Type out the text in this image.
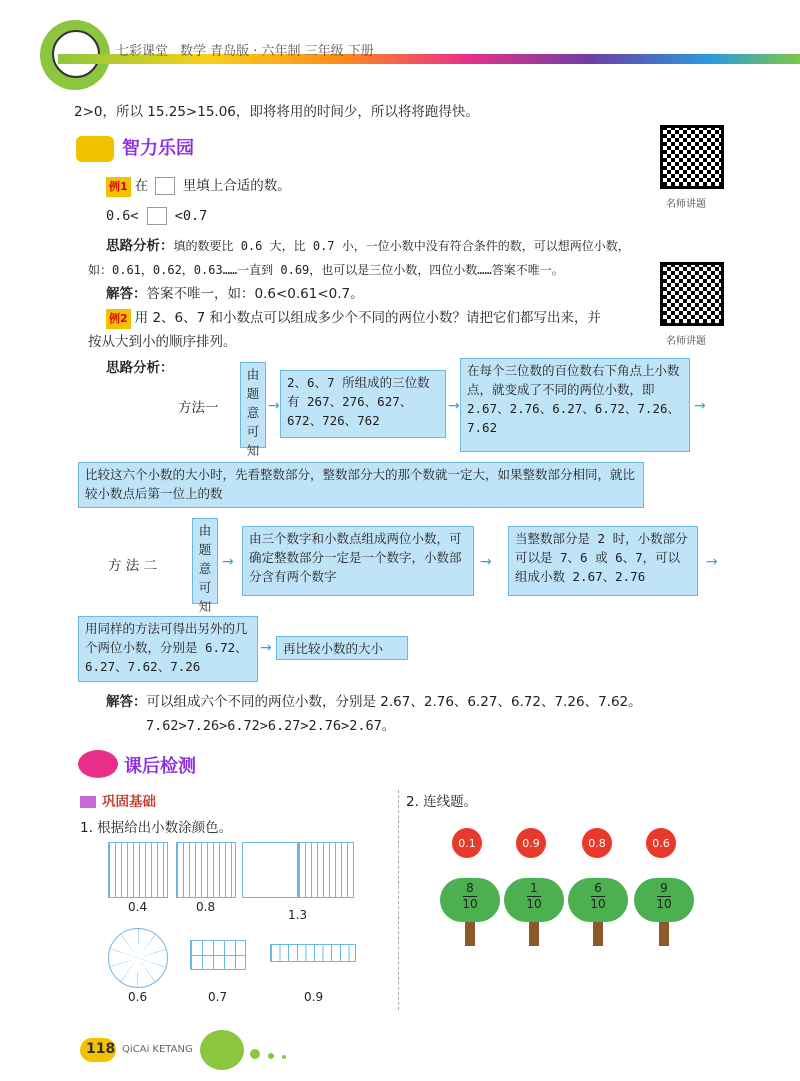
七彩课堂 数学 青岛版 · 六年制 三年级 下册
2>0，所以 15.25>15.06，即将将用的时间少，所以将将跑得快。
智力乐园
名师讲题
名师讲题
例1 在	里填上合适的数。
0.6<	<0.7
思路分析：填的数要比 0.6 大，比 0.7 小，一位小数中没有符合条件的数，可以想两位小数，
如：0.61，0.62，0.63……一直到 0.69，也可以是三位小数，四位小数……答案不唯一。
解答：答案不唯一，如：0.6<0.61<0.7。
例2 用 2、6、7 和小数点可以组成多少个不同的两位小数？请把它们都写出来，并
按从大到小的顺序排列。
思路分析：
方法一
由题意可知
→
2、6、7 所组成的三位数有 267、276、627、672、726、762
→
在每个三位数的百位数右下角点上小数点，就变成了不同的两位小数，即 2.67、2.76、6.27、6.72、7.26、7.62
→
比较这六个小数的大小时，先看整数部分，整数部分大的那个数就一定大，如果整数部分相同，就比较小数点后第一位上的数
方 法 二
由题意可知
→
由三个数字和小数点组成两位小数，可确定整数部分一定是一个数字，小数部分含有两个数字
→
当整数部分是 2 时，小数部分可以是 7、6 或 6、7，可以组成小数 2.67、2.76
→
用同样的方法可得出另外的几个两位小数，分别是 6.72、6.27、7.62、7.26
→ 再比较小数的大小
解答：可以组成六个不同的两位小数，分别是 2.67、2.76、6.27、6.72、7.26、7.62。
7.62>7.26>6.72>6.27>2.76>2.67。
课后检测
巩固基础
1. 根据给出小数涂颜色。
0.4	0.8
1.3
0.6	0.7	0.9
2. 连线题。
0.1	0.9	0.8	0.6
8
10
1
10
6
10
9
10
118 QiCAi KETANG
